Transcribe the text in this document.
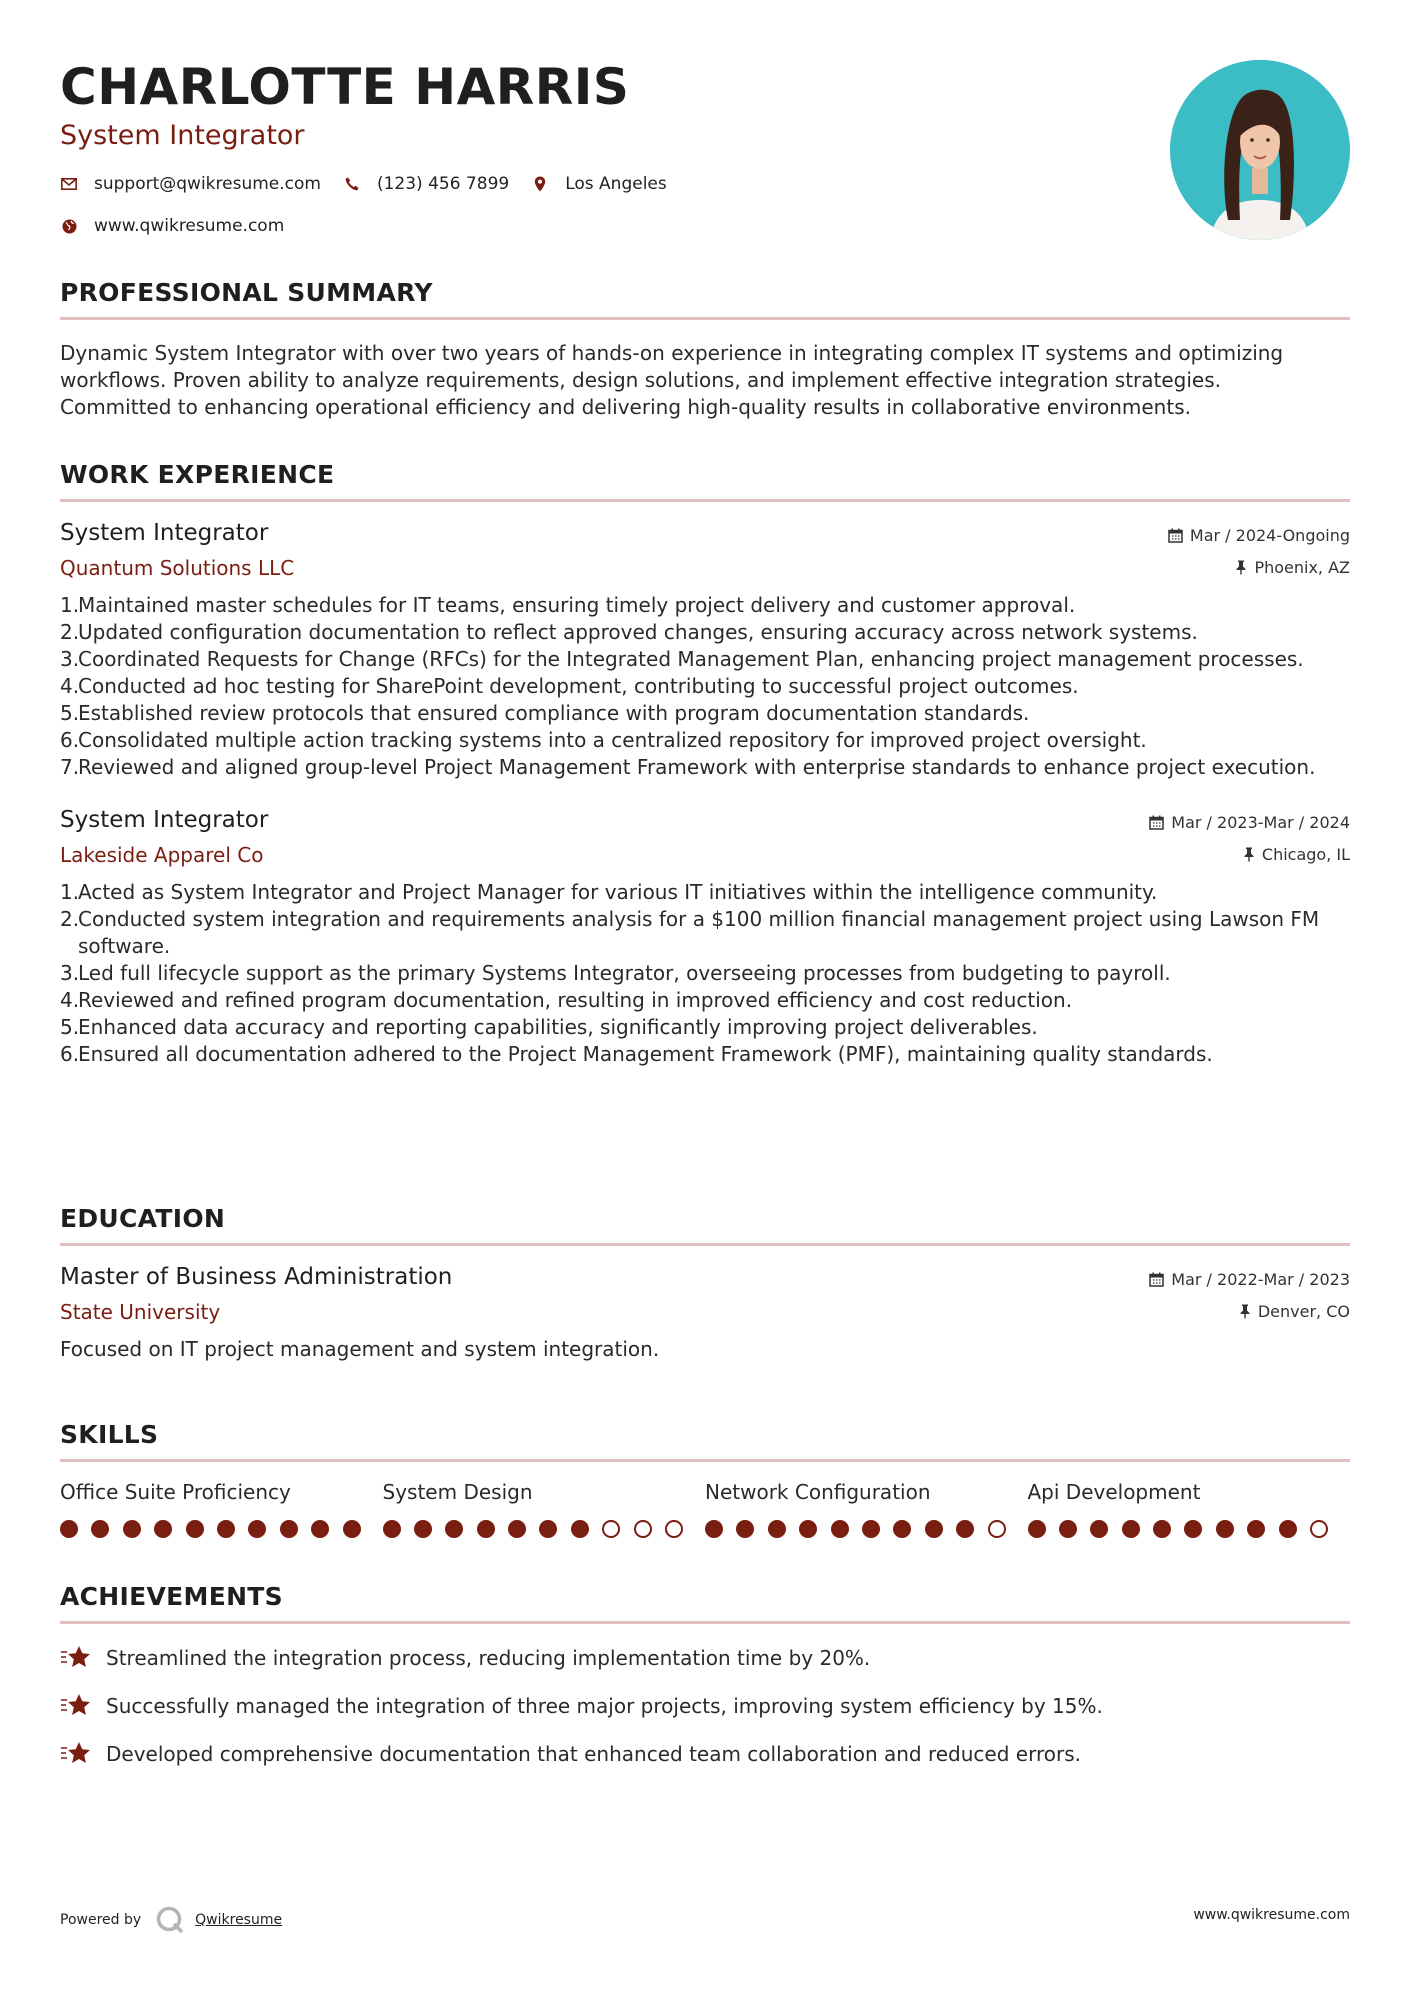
CHARLOTTE HARRIS
System Integrator
support@qwikresume.com	(123) 456 7899	Los Angeles
www.qwikresume.com
PROFESSIONAL SUMMARY
Dynamic System Integrator with over two years of hands-on experience in integrating complex IT systems and optimizing
workflows. Proven ability to analyze requirements, design solutions, and implement effective integration strategies.
Committed to enhancing operational efficiency and delivering high-quality results in collaborative environments.
WORK EXPERIENCE
System Integrator
Quantum Solutions LLC
Mar / 2024-Ongoing
Phoenix, AZ
1.
Maintained master schedules for IT teams, ensuring timely project delivery and customer approval.
2.
Updated configuration documentation to reflect approved changes, ensuring accuracy across network systems.
3.
Coordinated Requests for Change (RFCs) for the Integrated Management Plan, enhancing project management processes.
4.
Conducted ad hoc testing for SharePoint development, contributing to successful project outcomes.
5.
Established review protocols that ensured compliance with program documentation standards.
6.
Consolidated multiple action tracking systems into a centralized repository for improved project oversight.
7.
Reviewed and aligned group-level Project Management Framework with enterprise standards to enhance project execution.
System Integrator
Lakeside Apparel Co
Mar / 2023-Mar / 2024
Chicago, IL
1.
Acted as System Integrator and Project Manager for various IT initiatives within the intelligence community.
2.
Conducted system integration and requirements analysis for a $100 million financial management project using Lawson FM software.
3.
Led full lifecycle support as the primary Systems Integrator, overseeing processes from budgeting to payroll.
4.
Reviewed and refined program documentation, resulting in improved efficiency and cost reduction.
5.
Enhanced data accuracy and reporting capabilities, significantly improving project deliverables.
6.
Ensured all documentation adhered to the Project Management Framework (PMF), maintaining quality standards.
EDUCATION
Master of Business Administration
State University
Mar / 2022-Mar / 2023
Denver, CO
Focused on IT project management and system integration.
SKILLS
Office Suite Proficiency	System Design	Network Configuration	Api Development
ACHIEVEMENTS
Streamlined the integration process, reducing implementation time by 20%.
Successfully managed the integration of three major projects, improving system efficiency by 15%.
Developed comprehensive documentation that enhanced team collaboration and reduced errors.
Powered by	Qwikresume	www.qwikresume.com
